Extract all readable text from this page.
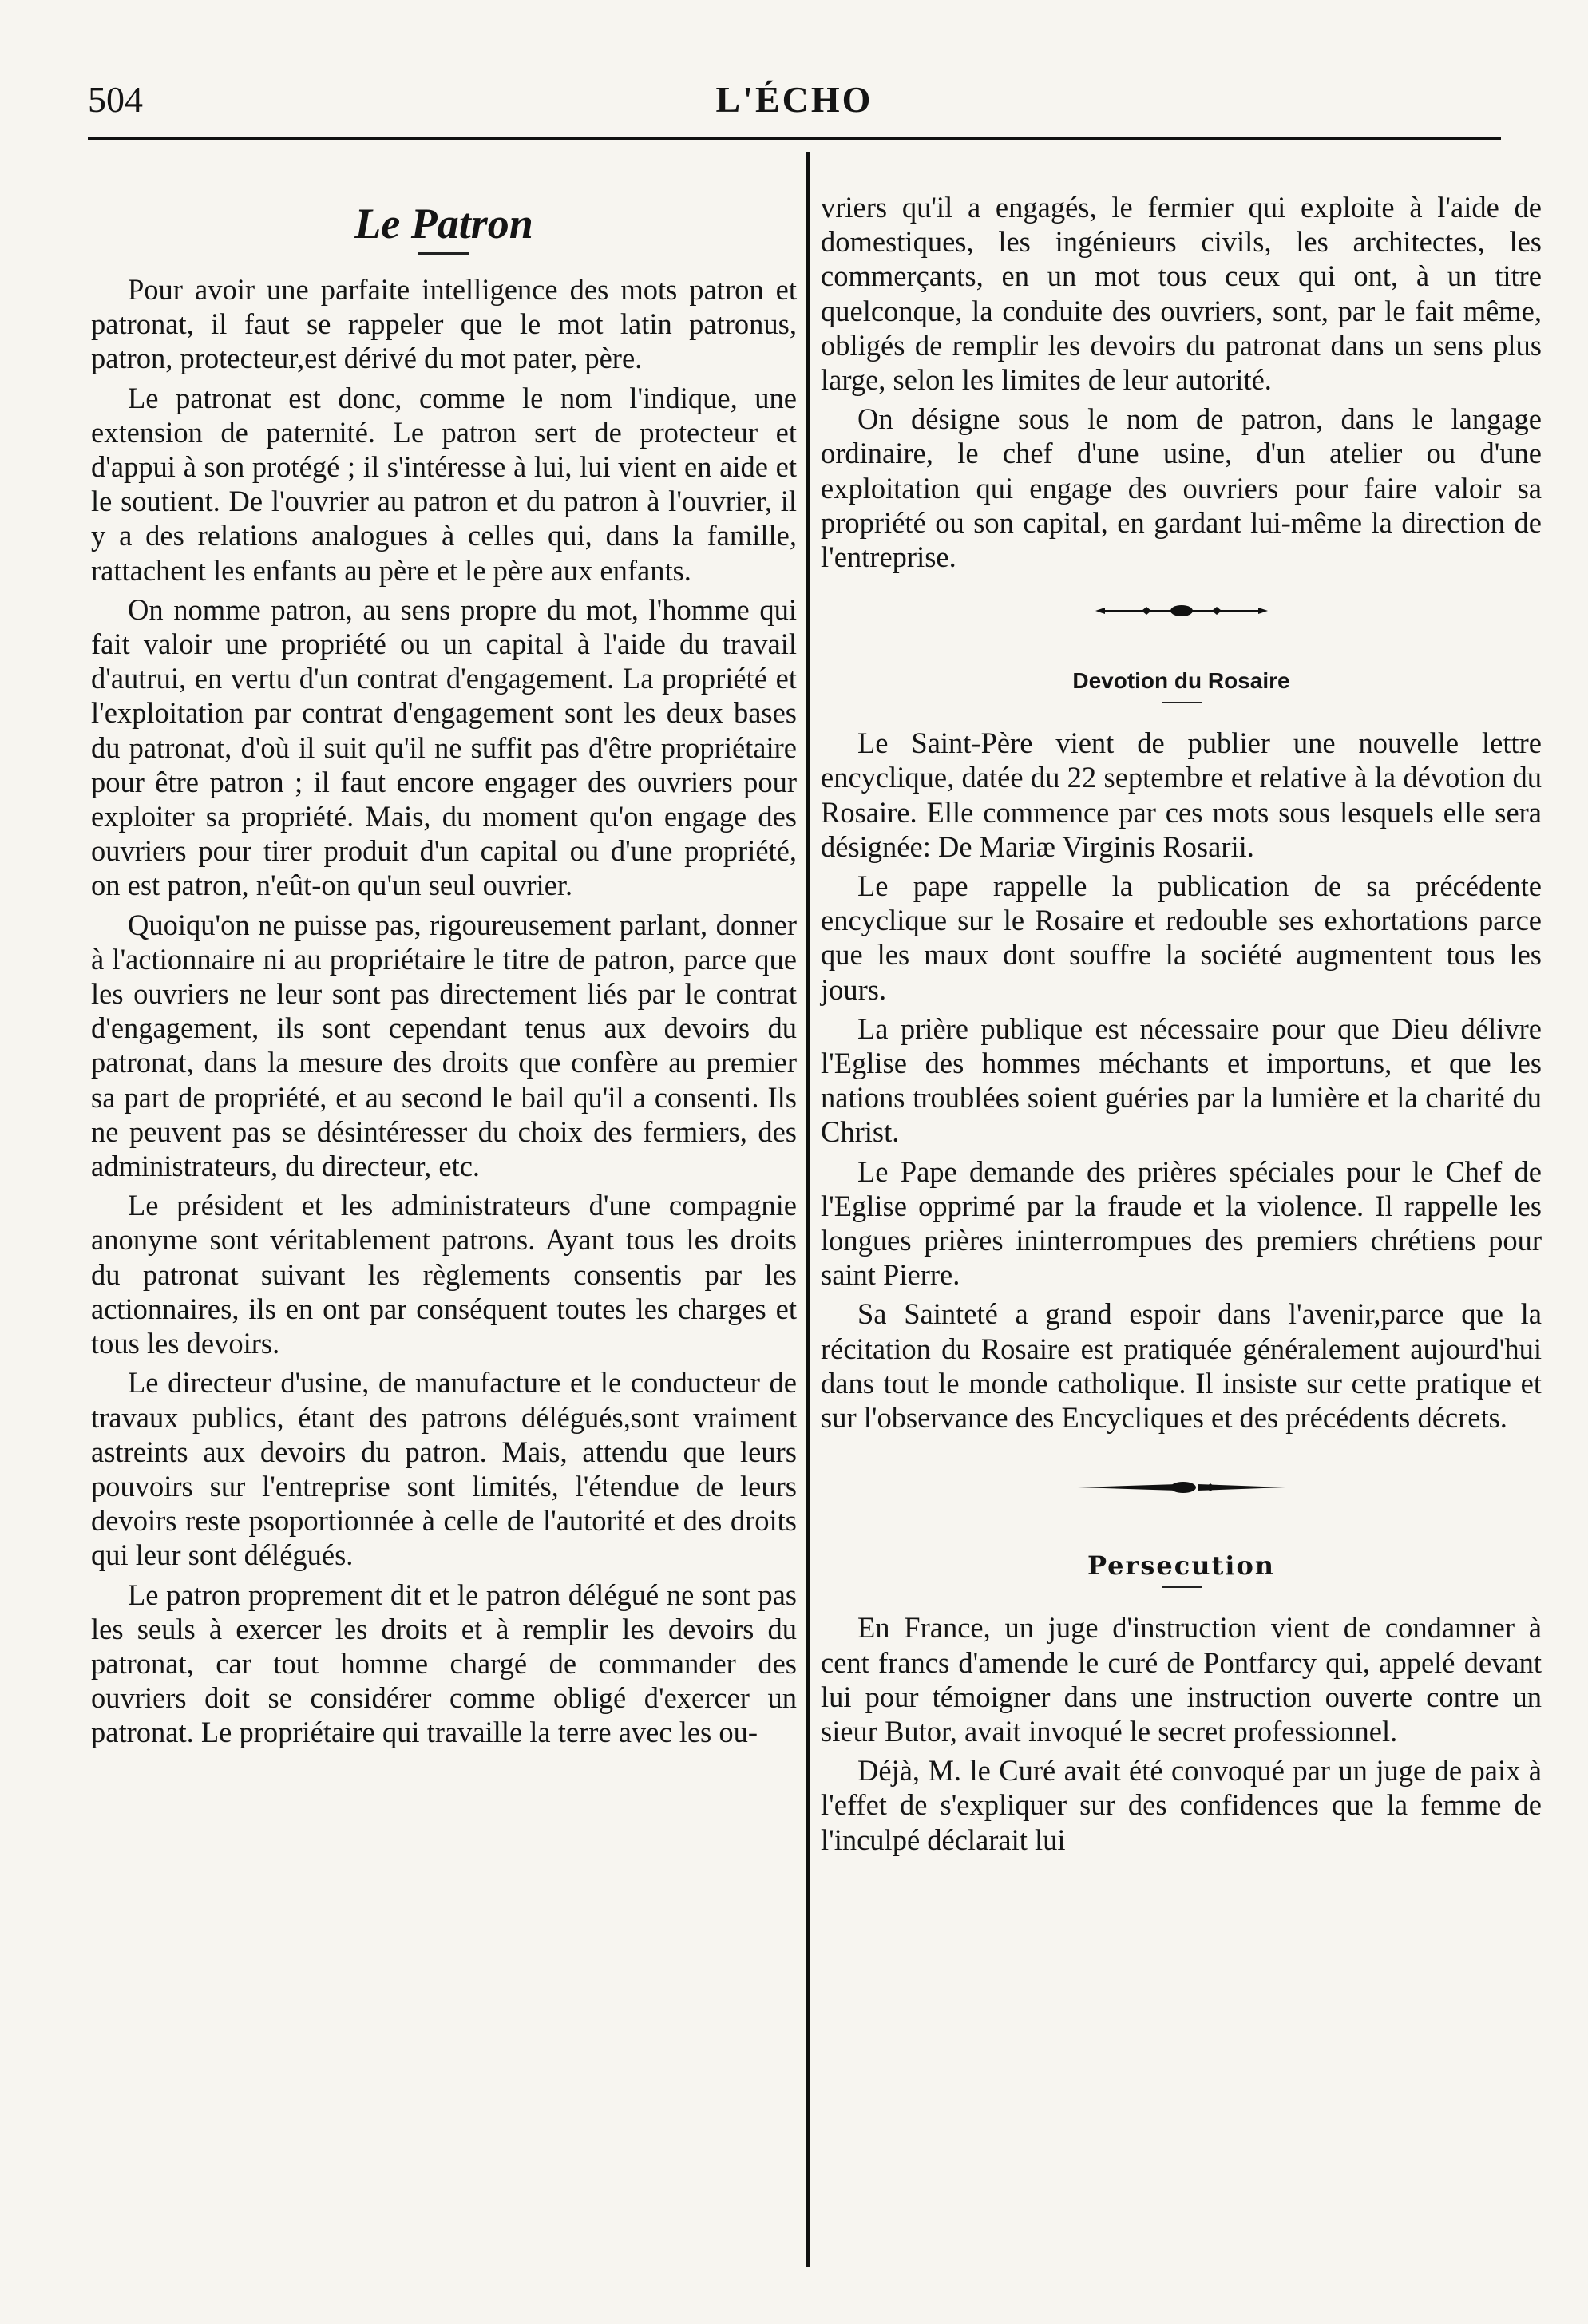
504	L'ÉCHO
Le Patron

Pour avoir une parfaite intelligence des mots patron et patronat, il faut se rappeler que le mot latin patronus, patron, protecteur,est dérivé du mot pater, père.

Le patronat est donc, comme le nom l'indique, une extension de paternité. Le patron sert de protecteur et d'appui à son protégé ; il s'intéresse à lui, lui vient en aide et le soutient. De l'ouvrier au patron et du patron à l'ouvrier, il y a des relations analogues à celles qui, dans la famille, rattachent les enfants au père et le père aux enfants.

On nomme patron, au sens propre du mot, l'homme qui fait valoir une propriété ou un capital à l'aide du travail d'autrui, en vertu d'un contrat d'engagement. La propriété et l'exploitation par contrat d'engagement sont les deux bases du patronat, d'où il suit qu'il ne suffit pas d'être propriétaire pour être patron ; il faut encore engager des ouvriers pour exploiter sa propriété. Mais, du moment qu'on engage des ouvriers pour tirer produit d'un capital ou d'une propriété, on est patron, n'eût-on qu'un seul ouvrier.

Quoiqu'on ne puisse pas, rigoureusement parlant, donner à l'actionnaire ni au propriétaire le titre de patron, parce que les ouvriers ne leur sont pas directement liés par le contrat d'engagement, ils sont cependant tenus aux devoirs du patronat, dans la mesure des droits que confère au premier sa part de propriété, et au second le bail qu'il a consenti. Ils ne peuvent pas se désintéresser du choix des fermiers, des administrateurs, du directeur, etc.

Le président et les administrateurs d'une compagnie anonyme sont véritablement patrons. Ayant tous les droits du patronat suivant les règlements consentis par les actionnaires, ils en ont par conséquent toutes les charges et tous les devoirs.

Le directeur d'usine, de manufacture et le conducteur de travaux publics, étant des patrons délégués,sont vraiment astreints aux devoirs du patron. Mais, attendu que leurs pouvoirs sur l'entreprise sont limités, l'étendue de leurs devoirs reste psoportionnée à celle de l'autorité et des droits qui leur sont délégués.

Le patron proprement dit et le patron délégué ne sont pas les seuls à exercer les droits et à remplir les devoirs du patronat, car tout homme chargé de commander des ouvriers doit se considérer comme obligé d'exercer un patronat. Le propriétaire qui travaille la terre avec les ou-

vriers qu'il a engagés, le fermier qui exploite à l'aide de domestiques, les ingénieurs civils, les architectes, les commerçants, en un mot tous ceux qui ont, à un titre quelconque, la conduite des ouvriers, sont, par le fait même, obligés de remplir les devoirs du patronat dans un sens plus large, selon les limites de leur autorité.

On désigne sous le nom de patron, dans le langage ordinaire, le chef d'une usine, d'un atelier ou d'une exploitation qui engage des ouvriers pour faire valoir sa propriété ou son capital, en gardant lui-même la direction de l'entreprise.

Devotion du Rosaire

Le Saint-Père vient de publier une nouvelle lettre encyclique, datée du 22 septembre et relative à la dévotion du Rosaire. Elle commence par ces mots sous lesquels elle sera désignée: De Mariæ Virginis Rosarii.

Le pape rappelle la publication de sa précédente encyclique sur le Rosaire et redouble ses exhortations parce que les maux dont souffre la société augmentent tous les jours.

La prière publique est nécessaire pour que Dieu délivre l'Eglise des hommes méchants et importuns, et que les nations troublées soient guéries par la lumière et la charité du Christ.

Le Pape demande des prières spéciales pour le Chef de l'Eglise opprimé par la fraude et la violence. Il rappelle les longues prières ininterrompues des premiers chrétiens pour saint Pierre.

Sa Sainteté a grand espoir dans l'avenir,parce que la récitation du Rosaire est pratiquée généralement aujourd'hui dans tout le monde catholique. Il insiste sur cette pratique et sur l'observance des Encycliques et des précédents décrets.

Persecution

En France, un juge d'instruction vient de condamner à cent francs d'amende le curé de Pontfarcy qui, appelé devant lui pour témoigner dans une instruction ouverte contre un sieur Butor, avait invoqué le secret professionnel.

Déjà, M. le Curé avait été convoqué par un juge de paix à l'effet de s'expliquer sur des confidences que la femme de l'inculpé déclarait lui
